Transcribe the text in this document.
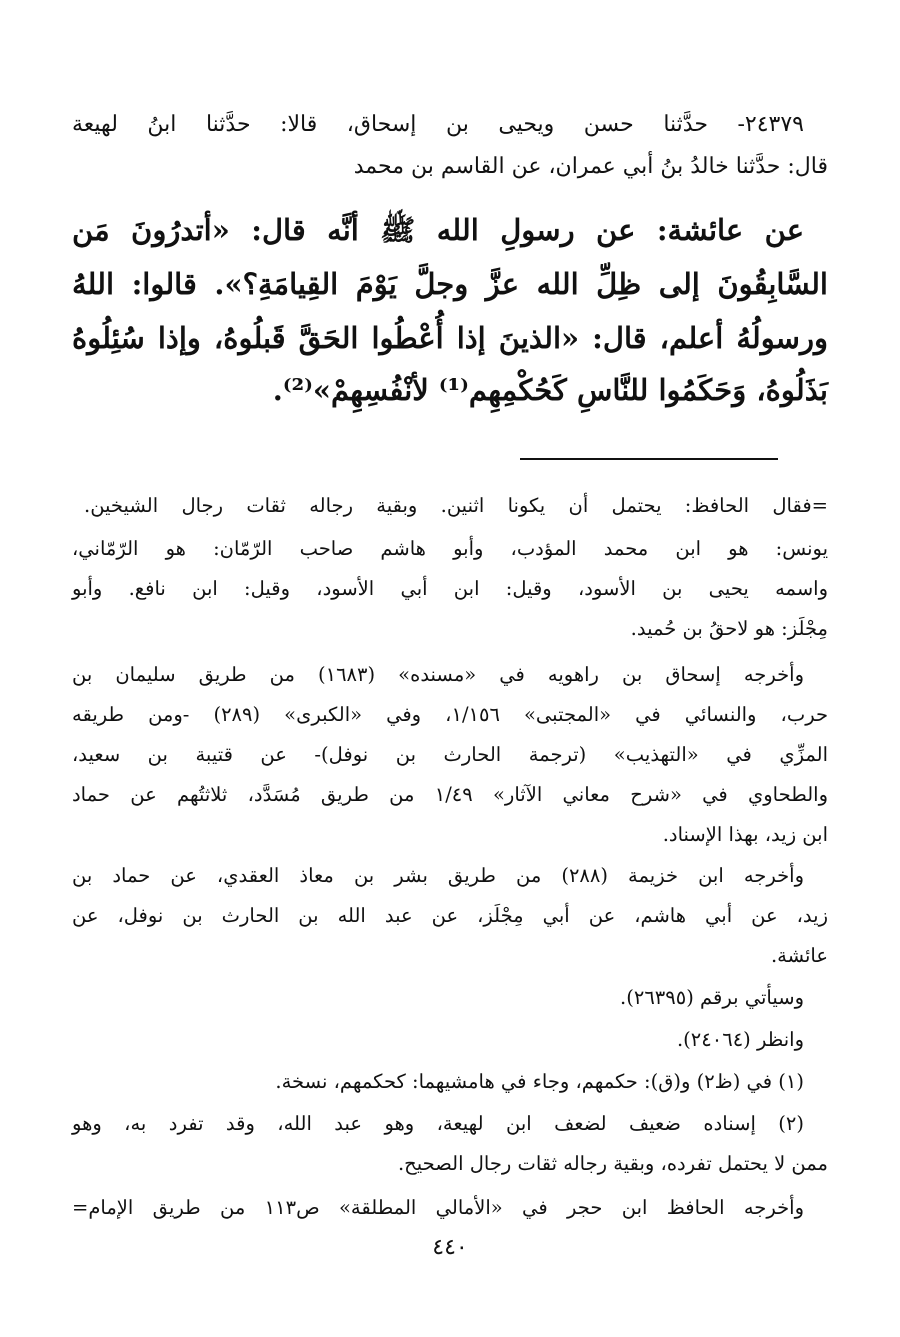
٢٤٣٧٩- حدَّثنا حسن ويحيى بن إسحاق، قالا: حدَّثنا ابنُ لهيعة
قال: حدَّثنا خالدُ بنُ أبي عمران، عن القاسم بن محمد
عن عائشة: عن رسولِ الله ﷺ أنَّه قال: «أتدرُونَ مَن
السَّابِقُونَ إلى ظِلِّ الله عزَّ وجلَّ يَوْمَ القِيامَةِ؟». قالوا: اللهُ
ورسولُهُ أعلم، قال: «الذينَ إذا أُعْطُوا الحَقَّ قَبلُوهُ، وإذا سُئِلُوهُ
بَذَلُوهُ، وَحَكَمُوا للنَّاسِ كَحُكْمِهِم⁽¹⁾ لأنْفُسِهِمْ»⁽²⁾.
=فقال الحافظ: يحتمل أن يكونا اثنين. وبقية رجاله ثقات رجال الشيخين.
يونس: هو ابن محمد المؤدب، وأبو هاشم صاحب الرّمّان: هو الرّمّاني،
واسمه يحيى بن الأسود، وقيل: ابن أبي الأسود، وقيل: ابن نافع. وأبو
مِجْلَز: هو لاحقُ بن حُميد.
وأخرجه إسحاق بن راهويه في «مسنده» (١٦٨٣) من طريق سليمان بن
حرب، والنسائي في «المجتبى» ١/١٥٦، وفي «الكبرى» (٢٨٩) -ومن طريقه
المزِّي في «التهذيب» (ترجمة الحارث بن نوفل)- عن قتيبة بن سعيد،
والطحاوي في «شرح معاني الآثار» ١/٤٩ من طريق مُسَدَّد، ثلاثتُهم عن حماد
ابن زيد، بهذا الإسناد.
وأخرجه ابن خزيمة (٢٨٨) من طريق بشر بن معاذ العقدي، عن حماد بن
زيد، عن أبي هاشم، عن أبي مِجْلَز، عن عبد الله بن الحارث بن نوفل، عن
عائشة.
وسيأتي برقم (٢٦٣٩٥).
وانظر (٢٤٠٦٤).
(١) في (ظ٢) و(ق): حكمهم، وجاء في هامشيهما: كحكمهم، نسخة.
(٢) إسناده ضعيف لضعف ابن لهيعة، وهو عبد الله، وقد تفرد به، وهو
ممن لا يحتمل تفرده، وبقية رجاله ثقات رجال الصحيح.
وأخرجه الحافظ ابن حجر في «الأمالي المطلقة» ص١١٣ من طريق الإمام=
٤٤٠
